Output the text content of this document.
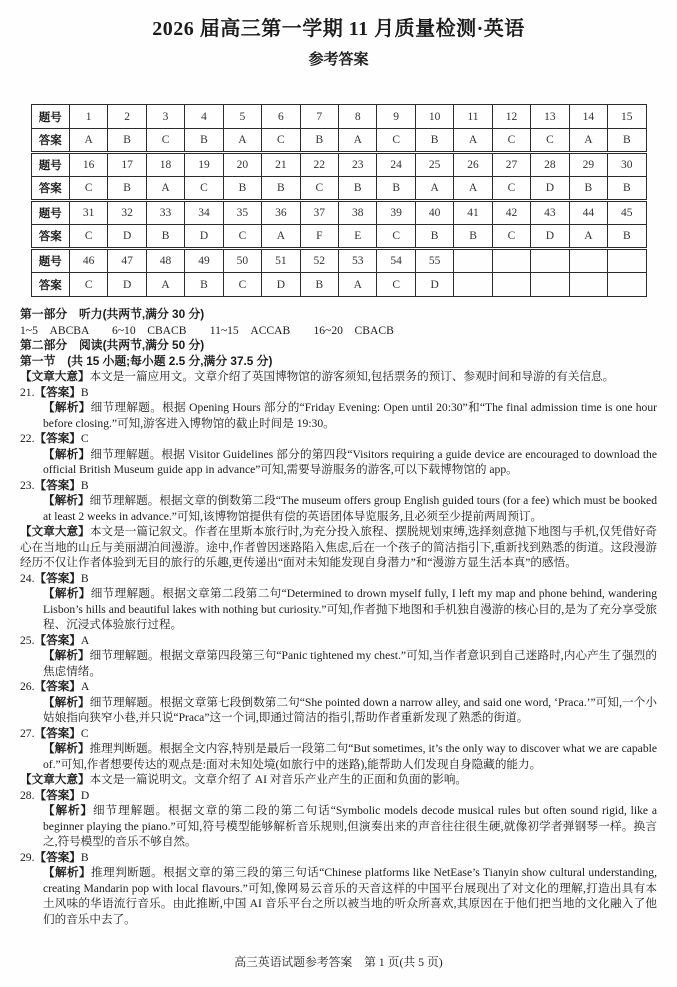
2026 届高三第一学期 11 月质量检测·英语
参考答案
题号	1	2	3	4	5	6	7	8	9	10	11	12	13	14	15
答案	A	B	C	B	A	C	B	A	C	B	A	C	C	A	B
题号	16	17	18	19	20	21	22	23	24	25	26	27	28	29	30
答案	C	B	A	C	B	B	C	B	B	A	A	C	D	B	B
题号	31	32	33	34	35	36	37	38	39	40	41	42	43	44	45
答案	C	D	B	D	C	A	F	E	C	B	B	C	D	A	B
题号	46	47	48	49	50	51	52	53	54	55					
答案	C	D	A	B	C	D	B	A	C	D					

第一部分　听力(共两节,满分 30 分)

1~5　ABCBA　　6~10　CBACB　　11~15　ACCAB　　16~20　CBACB

第二部分　阅读(共两节,满分 50 分)

第一节　(共 15 小题;每小题 2.5 分,满分 37.5 分)

【文章大意】本文是一篇应用文。文章介绍了英国博物馆的游客须知,包括票务的预订、参观时间和导游的有关信息。

21.【答案】B

【解析】细节理解题。根据 Opening Hours 部分的“Friday Evening: Open until 20:30”和“The final admission time is one hour before closing.”可知,游客进入博物馆的截止时间是 19:30。

22.【答案】C

【解析】细节理解题。根据 Visitor Guidelines 部分的第四段“Visitors requiring a guide device are encouraged to download the official British Museum guide app in advance”可知,需要导游服务的游客,可以下载博物馆的 app。

23.【答案】B

【解析】细节理解题。根据文章的倒数第二段“The museum offers group English guided tours (for a fee) which must be booked at least 2 weeks in advance.”可知,该博物馆提供有偿的英语团体导览服务,且必须至少提前两周预订。

【文章大意】本文是一篇记叙文。作者在里斯本旅行时,为充分投入旅程、摆脱规划束缚,选择刻意抛下地图与手机,仅凭借好奇心在当地的山丘与美丽湖泊间漫游。途中,作者曾因迷路陷入焦虑,后在一个孩子的简洁指引下,重新找到熟悉的街道。这段漫游经历不仅让作者体验到无目的旅行的乐趣,更传递出“面对未知能发现自身潜力”和“漫游方显生活本真”的感悟。

24.【答案】B

【解析】细节理解题。根据文章第二段第二句“Determined to drown myself fully, I left my map and phone behind, wandering Lisbon’s hills and beautiful lakes with nothing but curiosity.”可知,作者抛下地图和手机独自漫游的核心目的,是为了充分享受旅程、沉浸式体验旅行过程。

25.【答案】A

【解析】细节理解题。根据文章第四段第三句“Panic tightened my chest.”可知,当作者意识到自己迷路时,内心产生了强烈的焦虑情绪。

26.【答案】A

【解析】细节理解题。根据文章第七段倒数第二句“She pointed down a narrow alley, and said one word, ‘Praca.’”可知,一个小姑娘指向狭窄小巷,并只说“Praca”这一个词,即通过简洁的指引,帮助作者重新发现了熟悉的街道。

27.【答案】C

【解析】推理判断题。根据全文内容,特别是最后一段第二句“But sometimes, it’s the only way to discover what we are capable of.”可知,作者想要传达的观点是:面对未知处境(如旅行中的迷路),能帮助人们发现自身隐藏的能力。

【文章大意】本文是一篇说明文。文章介绍了 AI 对音乐产业产生的正面和负面的影响。

28.【答案】D

【解析】细节理解题。根据文章的第二段的第二句话“Symbolic models decode musical rules but often sound rigid, like a beginner playing the piano.”可知,符号模型能够解析音乐规则,但演奏出来的声音往往很生硬,就像初学者弹钢琴一样。换言之,符号模型的音乐不够自然。

29.【答案】B

【解析】推理判断题。根据文章的第三段的第三句话“Chinese platforms like NetEase’s Tianyin show cultural understanding, creating Mandarin pop with local flavours.”可知,像网易云音乐的天音这样的中国平台展现出了对文化的理解,打造出具有本土风味的华语流行音乐。由此推断,中国 AI 音乐平台之所以被当地的听众所喜欢,其原因在于他们把当地的文化融入了他们的音乐中去了。

高三英语试题参考答案　第 1 页(共 5 页)
